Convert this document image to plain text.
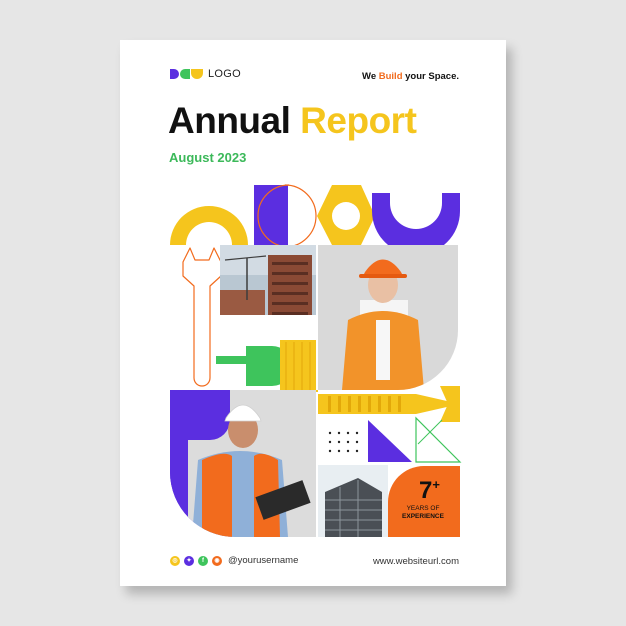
LOGO	We Build your Space.
Annual Report
August 2023
7+
YEARS OF
EXPERIENCE
◎	✦	f	◉ @yourusername	www.websiteurl.com
